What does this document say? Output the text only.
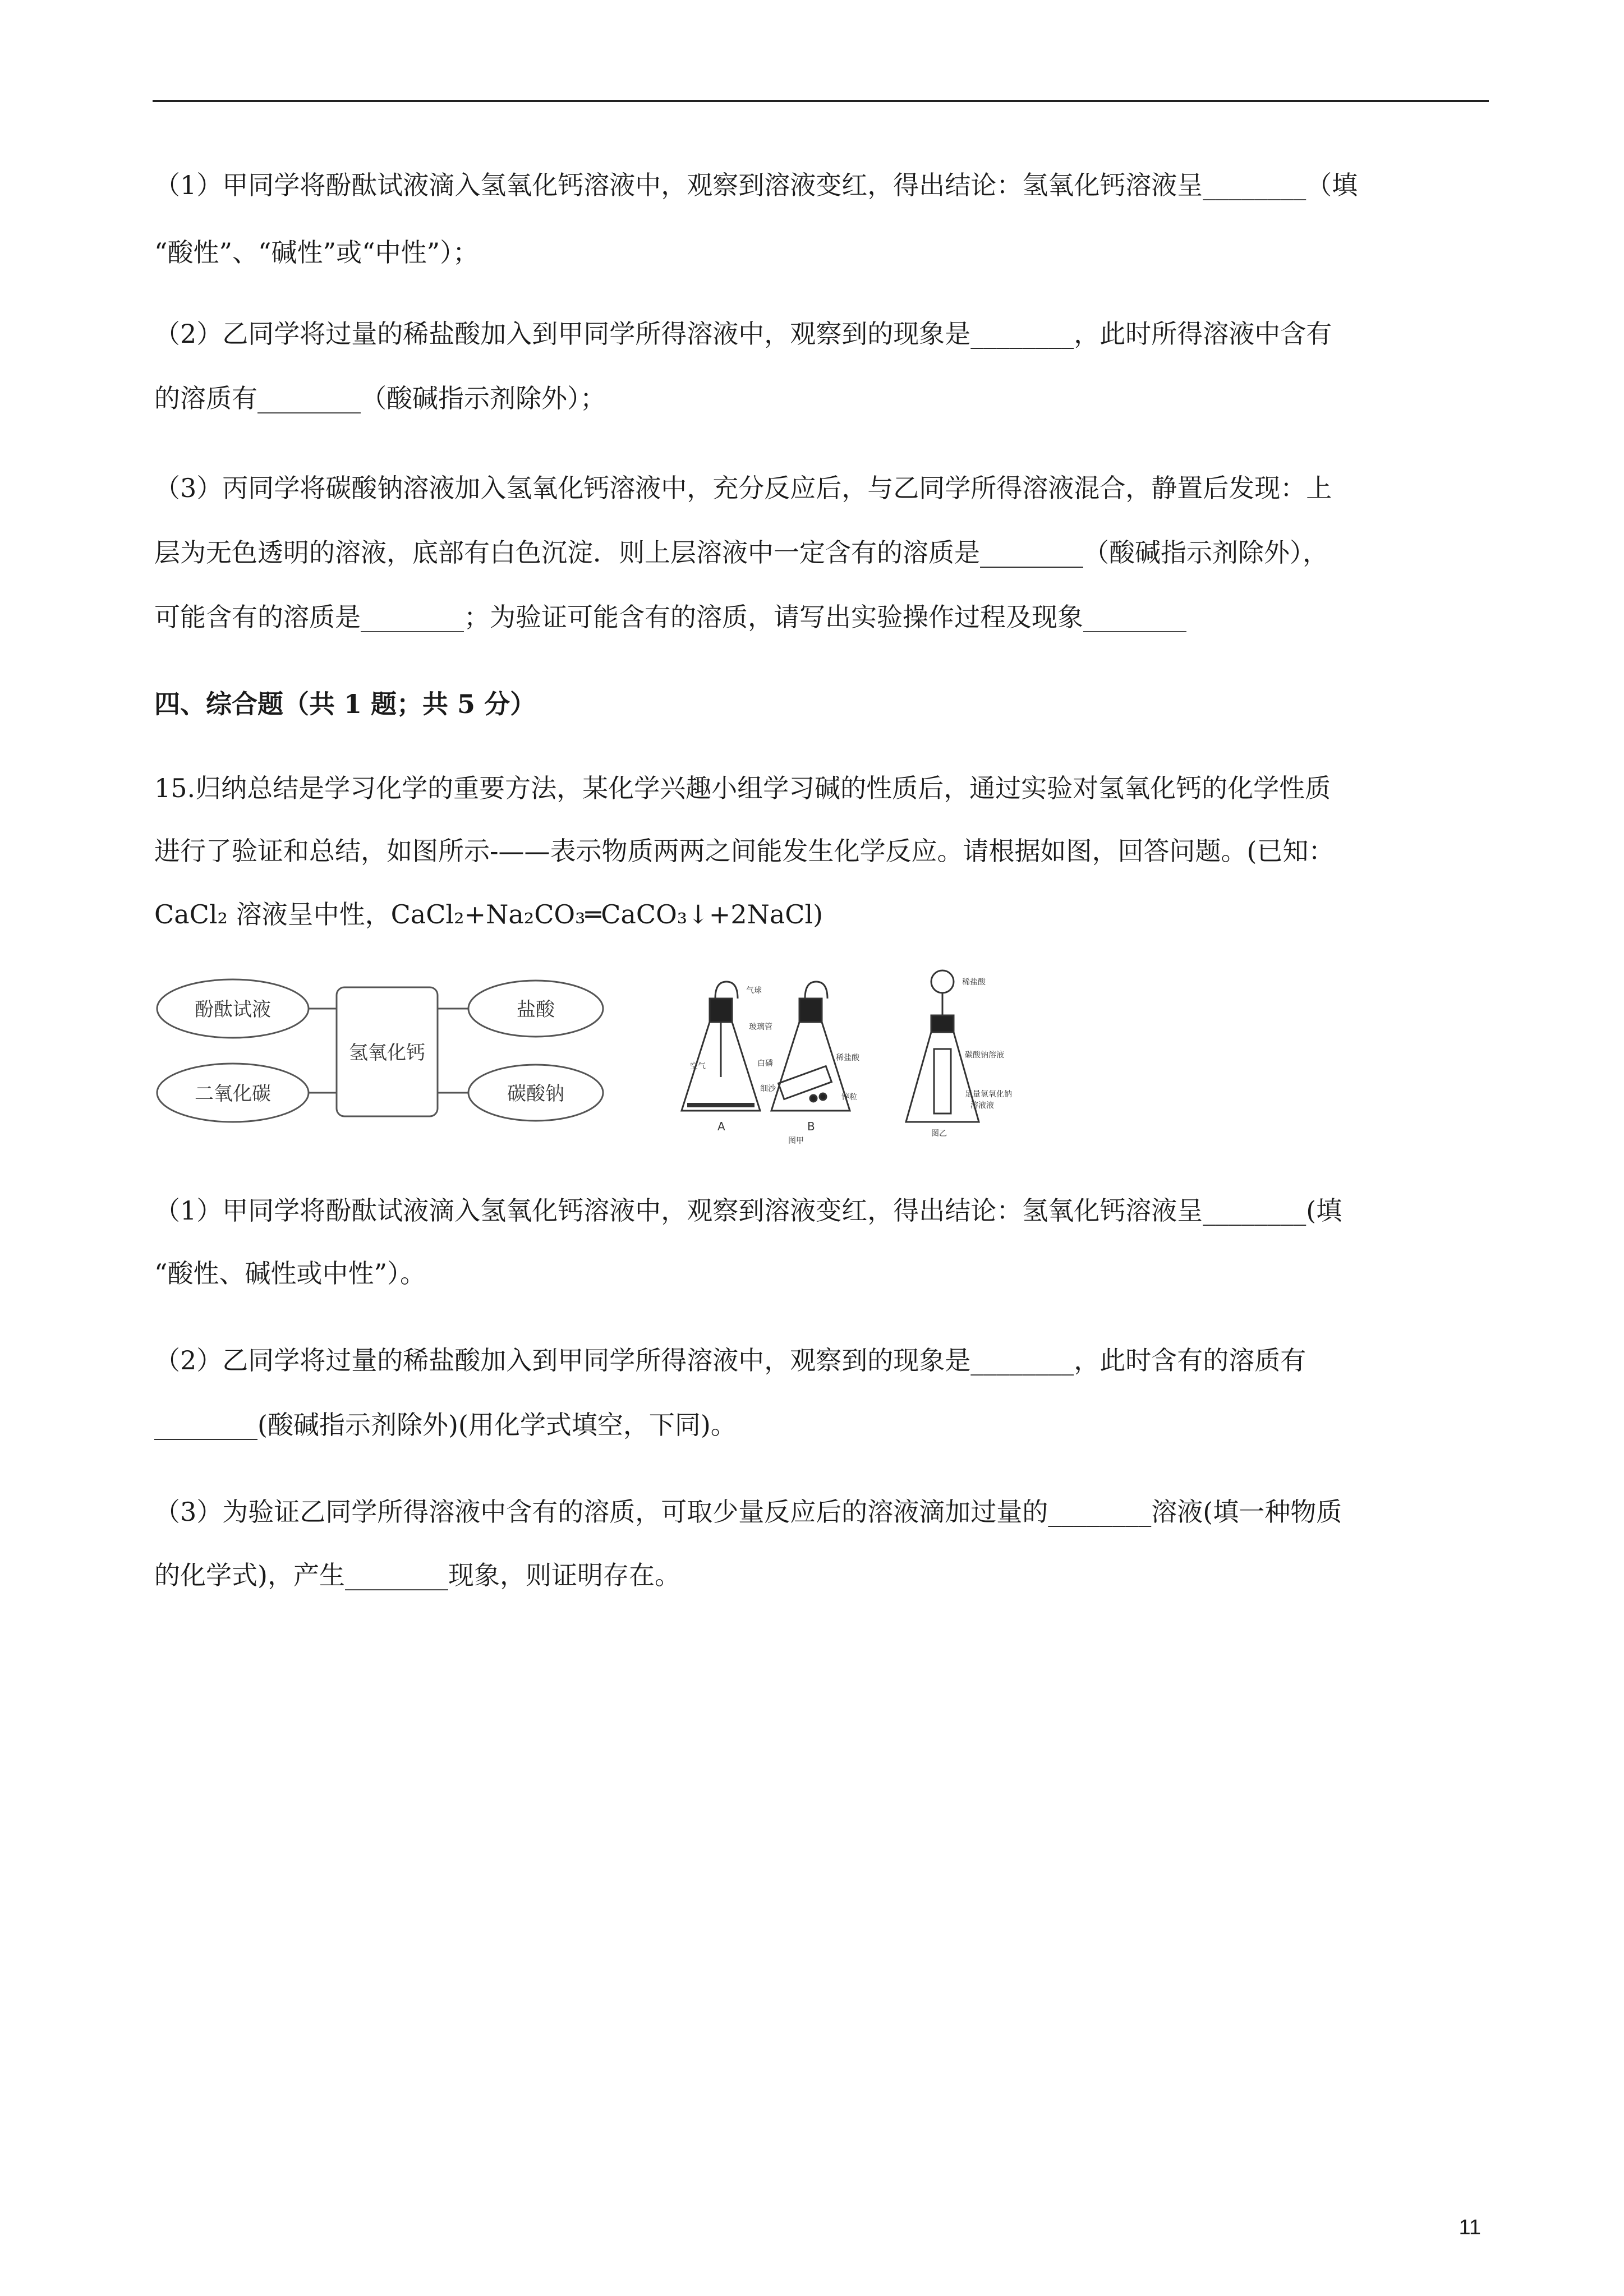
（1）甲同学将酚酞试液滴入氢氧化钙溶液中，观察到溶液变红，得出结论：氢氧化钙溶液呈________（填
“酸性”、“碱性”或“中性”）；
（2）乙同学将过量的稀盐酸加入到甲同学所得溶液中，观察到的现象是________，此时所得溶液中含有
的溶质有________（酸碱指示剂除外）；
（3）丙同学将碳酸钠溶液加入氢氧化钙溶液中，充分反应后，与乙同学所得溶液混合，静置后发现：上
层为无色透明的溶液，底部有白色沉淀．则上层溶液中一定含有的溶质是________（酸碱指示剂除外），
可能含有的溶质是________；为验证可能含有的溶质，请写出实验操作过程及现象________
四、综合题（共 1 题；共 5 分）
15.归纳总结是学习化学的重要方法，某化学兴趣小组学习碱的性质后，通过实验对氢氧化钙的化学性质
进行了验证和总结，如图所示-——表示物质两两之间能发生化学反应。请根据如图，回答问题。(已知：
CaCl₂ 溶液呈中性，CaCl₂+Na₂CO₃═CaCO₃↓+2NaCl)
酚酞试液
二氧化碳
氢氧化钙
盐酸
碳酸钠
气球
玻璃管
白磷
细沙
空气
A
稀盐酸
锌粒
B
图甲
稀盐酸
碳酸钠溶液
足量氢氧化钠
溶液液
图乙
（1）甲同学将酚酞试液滴入氢氧化钙溶液中，观察到溶液变红，得出结论：氢氧化钙溶液呈________(填
“酸性、碱性或中性”）。
（2）乙同学将过量的稀盐酸加入到甲同学所得溶液中，观察到的现象是________，此时含有的溶质有
________(酸碱指示剂除外)(用化学式填空，下同)。
（3）为验证乙同学所得溶液中含有的溶质，可取少量反应后的溶液滴加过量的________溶液(填一种物质
的化学式)，产生________现象，则证明存在。
11
